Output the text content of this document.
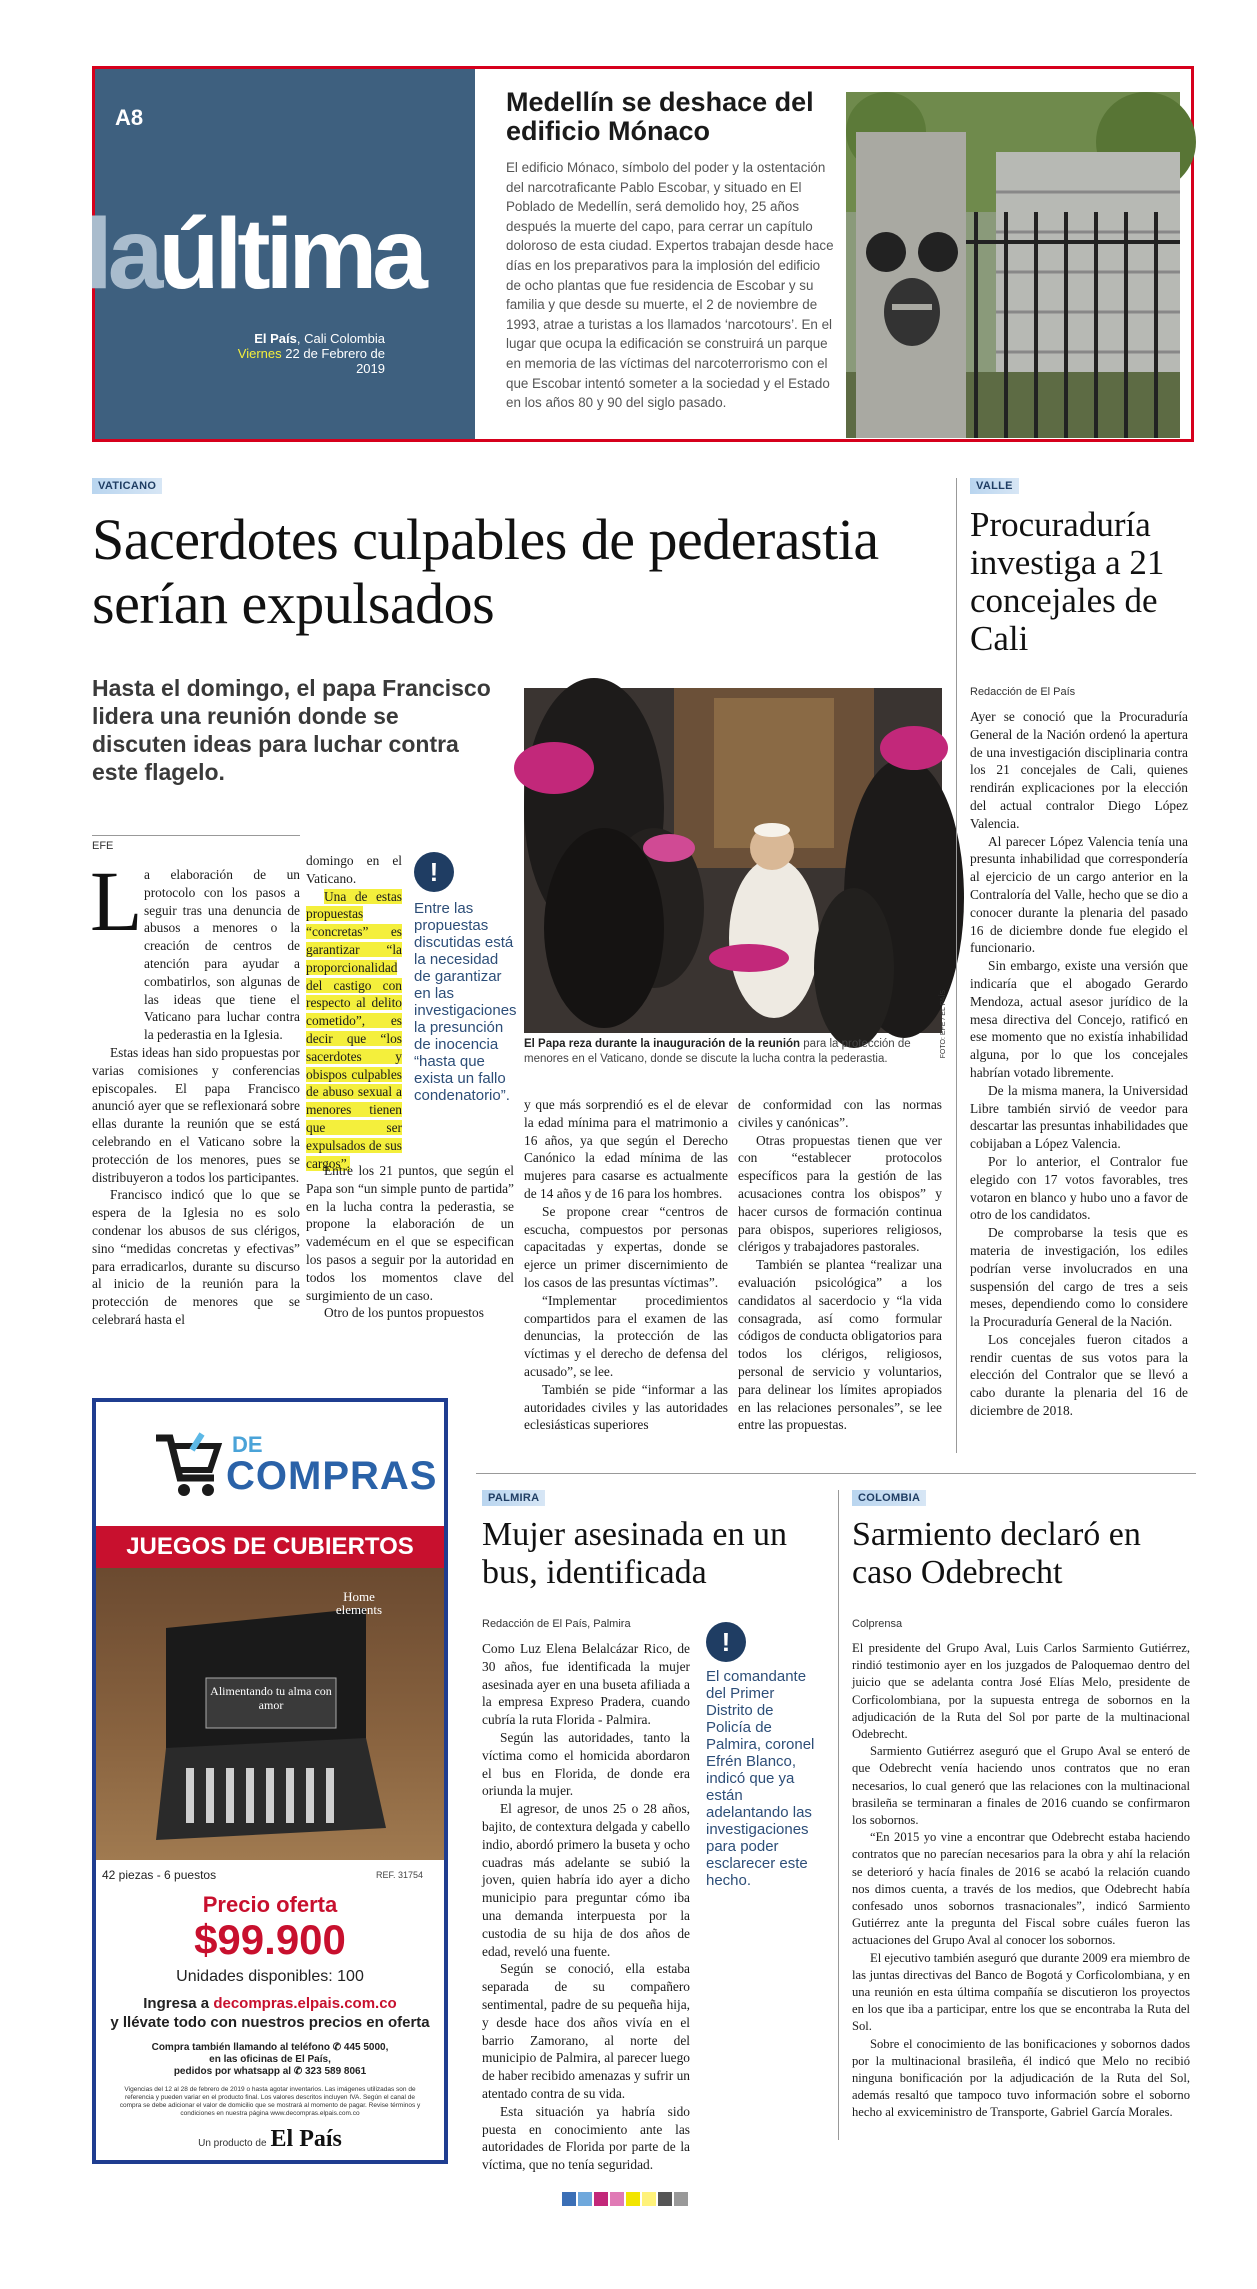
A8
laúltima
El País, Cali Colombia
Viernes 22 de Febrero de 2019
Medellín se deshace del edificio Mónaco
El edificio Mónaco, símbolo del poder y la ostentación del narcotraficante Pablo Escobar, y situado en El Poblado de Medellín, será demolido hoy, 25 años después la muerte del capo, para cerrar un capítulo doloroso de esta ciudad. Expertos trabajan desde hace días en los preparativos para la implosión del edificio de ocho plantas que fue residencia de Escobar y su familia y que desde su muerte, el 2 de noviembre de 1993, atrae a turistas a los llamados ‘narcotours’. En el lugar que ocupa la edificación se construirá un parque en memoria de las víctimas del narcoterrorismo con el que Escobar intentó someter a la sociedad y el Estado en los años 80 y 90 del siglo pasado.
VATICANO
Sacerdotes culpables de pederastia serían expulsados
Hasta el domingo, el papa Francisco lidera una reunión donde se discuten ideas para luchar contra este flagelo.
EFE
L a elaboración de un protocolo con los pasos a seguir tras una denuncia de abusos a menores o la creación de centros de atención para ayudar a combatirlos, son algunas de las ideas que tiene el Vaticano para luchar contra la pederastia en la Iglesia.

Estas ideas han sido propuestas por varias comisiones y conferencias episcopales. El papa Francisco anunció ayer que se reflexionará sobre ellas durante la reunión que se está celebrando en el Vaticano sobre la protección de los menores, pues se distribuyeron a todos los participantes.

Francisco indicó que lo que se espera de la Iglesia no es solo condenar los abusos de sus clérigos, sino “medidas concretas y efectivas” para erradicarlos, durante su discurso al inicio de la reunión para la protección de menores que se celebrará hasta el

domingo en el Vaticano.

Una de estas propuestas “concretas” es garantizar “la proporcionalidad del castigo con respecto al delito cometido”, es decir que “los sacerdotes y obispos culpables de abuso sexual a menores tienen que ser expulsados de sus cargos”.

Entre los 21 puntos, que según el Papa son “un simple punto de partida” en la lucha contra la pederastia, se propone la elaboración de un vademécum en el que se especifican los pasos a seguir por la autoridad en todos los momentos clave del surgimiento de un caso.

Otro de los puntos propuestos

!
Entre las propuestas discutidas está la necesidad de garantizar en las investigaciones la presunción de inocencia “hasta que exista un fallo condenatorio”.
FOTO: EFE / EL PAÍS
El Papa reza durante la inauguración de la reunión para la protección de menores en el Vaticano, donde se discute la lucha contra la pederastia.

y que más sorprendió es el de elevar la edad mínima para el matrimonio a 16 años, ya que según el Derecho Canónico la edad mínima de las mujeres para casarse es actualmente de 14 años y de 16 para los hombres.

Se propone crear “centros de escucha, compuestos por personas capacitadas y expertas, donde se ejerce un primer discernimiento de los casos de las presuntas víctimas”.

“Implementar procedimientos compartidos para el examen de las denuncias, la protección de las víctimas y el derecho de defensa del acusado”, se lee.

También se pide “informar a las autoridades civiles y las autoridades eclesiásticas superiores

de conformidad con las normas civiles y canónicas”.

Otras propuestas tienen que ver con “establecer protocolos específicos para la gestión de las acusaciones contra los obispos” y hacer cursos de formación continua para obispos, superiores religiosos, clérigos y trabajadores pastorales.

También se plantea “realizar una evaluación psicológica” a los candidatos al sacerdocio y “la vida consagrada, así como formular códigos de conducta obligatorios para todos los clérigos, religiosos, personal de servicio y voluntarios, para delinear los límites apropiados en las relaciones personales”, se lee entre las propuestas.

VALLE
Procuraduría investiga a 21 concejales de Cali
Redacción de El País

Ayer se conoció que la Procuraduría General de la Nación ordenó la apertura de una investigación disciplinaria contra los 21 concejales de Cali, quienes rendirán explicaciones por la elección del actual contralor Diego López Valencia.

Al parecer López Valencia tenía una presunta inhabilidad que correspondería al ejercicio de un cargo anterior en la Contraloría del Valle, hecho que se dio a conocer durante la plenaria del pasado 16 de diciembre donde fue elegido el funcionario.

Sin embargo, existe una versión que indicaría que el abogado Gerardo Mendoza, actual asesor jurídico de la mesa directiva del Concejo, ratificó en ese momento que no existía inhabilidad alguna, por lo que los concejales habrían votado libremente.

De la misma manera, la Universidad Libre también sirvió de veedor para descartar las presuntas inhabilidades que cobijaban a López Valencia.

Por lo anterior, el Contralor fue elegido con 17 votos favorables, tres votaron en blanco y hubo uno a favor de otro de los candidatos.

De comprobarse la tesis que es materia de investigación, los ediles podrían verse involucrados en una suspensión del cargo de tres a seis meses, dependiendo como lo considere la Procuraduría General de la Nación.

Los concejales fueron citados a rendir cuentas de sus votos para la elección del Contralor que se llevó a cabo durante la plenaria del 16 de diciembre de 2018.

DE
COMPRAS
JUEGOS DE CUBIERTOS
Home elements
Alimentando tu alma con amor
42 piezas - 6 puestos	REF. 31754
Precio oferta
$99.900
Unidades disponibles: 100
Ingresa a decompras.elpais.com.co
y llévate todo con nuestros precios en oferta
Compra también llamando al teléfono ✆ 445 5000,
en las oficinas de El País,
pedidos por whatsapp al ✆ 323 589 8061
Vigencias del 12 al 28 de febrero de 2019 o hasta agotar inventarios. Las imágenes utilizadas son de referencia y pueden variar en el producto final. Los valores descritos incluyen IVA. Según el canal de compra se debe adicionar el valor de domicilio que se mostrará al momento de pagar. Revise términos y condiciones en nuestra página www.decompras.elpais.com.co
Un producto de El País
PALMIRA
Mujer asesinada en un bus, identificada
Redacción de El País, Palmira

Como Luz Elena Belalcázar Rico, de 30 años, fue identificada la mujer asesinada ayer en una buseta afiliada a la empresa Expreso Pradera, cuando cubría la ruta Florida - Palmira.

Según las autoridades, tanto la víctima como el homicida abordaron el bus en Florida, de donde era oriunda la mujer.

El agresor, de unos 25 o 28 años, bajito, de contextura delgada y cabello indio, abordó primero la buseta y ocho cuadras más adelante se subió la joven, quien habría ido ayer a dicho municipio para preguntar cómo iba una demanda interpuesta por la custodia de su hija de dos años de edad, reveló una fuente.

Según se conoció, ella estaba separada de su compañero sentimental, padre de su pequeña hija, y desde hace dos años vivía en el barrio Zamorano, al norte del municipio de Palmira, al parecer luego de haber recibido amenazas y sufrir un atentado contra de su vida.

Esta situación ya habría sido puesta en conocimiento ante las autoridades de Florida por parte de la víctima, que no tenía seguridad.

!
El comandante del Primer Distrito de Policía de Palmira, coronel Efrén Blanco, indicó que ya están adelantando las investigaciones para poder esclarecer este hecho.
COLOMBIA
Sarmiento declaró en caso Odebrecht
Colprensa

El presidente del Grupo Aval, Luis Carlos Sarmiento Gutiérrez, rindió testimonio ayer en los juzgados de Paloquemao dentro del juicio que se adelanta contra José Elías Melo, presidente de Corficolombiana, por la supuesta entrega de sobornos en la adjudicación de la Ruta del Sol por parte de la multinacional Odebrecht.

Sarmiento Gutiérrez aseguró que el Grupo Aval se enteró de que Odebrecht venía haciendo unos contratos que no eran necesarios, lo cual generó que las relaciones con la multinacional brasileña se terminaran a finales de 2016 cuando se confirmaron los sobornos.

“En 2015 yo vine a encontrar que Odebrecht estaba haciendo contratos que no parecían necesarios para la obra y ahí la relación se deterioró y hacía finales de 2016 se acabó la relación cuando nos dimos cuenta, a través de los medios, que Odebrecht había confesado unos sobornos trasnacionales”, indicó Sarmiento Gutiérrez ante la pregunta del Fiscal sobre cuáles fueron las actuaciones del Grupo Aval al conocer los sobornos.

El ejecutivo también aseguró que durante 2009 era miembro de las juntas directivas del Banco de Bogotá y Corficolombiana, y en una reunión en esta última compañía se discutieron los proyectos en los que iba a participar, entre los que se encontraba la Ruta del Sol.

Sobre el conocimiento de las bonificaciones y sobornos dados por la multinacional brasileña, él indicó que Melo no recibió ninguna bonificación por la adjudicación de la Ruta del Sol, además resaltó que tampoco tuvo información sobre el soborno hecho al exviceministro de Transporte, Gabriel García Morales.
